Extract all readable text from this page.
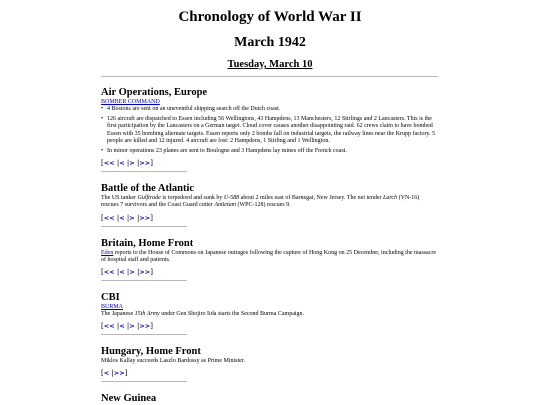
Chronology of World War II
March 1942
Tuesday, March 10
Air Operations, Europe
BOMBER COMMAND
• 4 Bostons are sent on an uneventful shipping search off the Dutch coast.
• 126 aircraft are dispatched to Essen including 56 Wellingtons, 43 Hampdens, 13 Manchesters, 12 Stirlings and 2 Lancasters. This is the first participation by the Lancasters on a German target. Cloud cover causes another disappointing raid. 62 crews claim to have bombed Essen with 35 bombing alternate targets. Essen reports only 2 bombs fall on industrial targets, the railway lines near the Krupp factory. 5 people are killed and 12 injured. 4 aircraft are lost: 2 Hampdens, 1 Stirling and 1 Wellington.
• In minor operations 23 planes are sent to Boulogne and 3 Hampdens lay mines off the French coast.
[<< |< |> |>>]
Battle of the Atlantic

The US tanker Gulftrade is torpedoed and sunk by U-588 about 2 miles east of Barnegat, New Jersey. The net tender Larch (YN-16) rescues 7 survivors and the Coast Guard cutter Antietam (WPC-128) rescues 9.

[<< |< |> |>>]
Britain, Home Front

Eden reports to the House of Commons on Japanese outrages following the capture of Hong Kong on 25 December, including the massacre of hospital staff and patients.

[<< |< |> |>>]
CBI
BURMA

The Japanese 15th Army under Gen Shojiro Iida starts the Second Burma Campaign.

[<< |< |> |>>]
Hungary, Home Front

Miklos Kallay succeeds Laszlo Bardossy as Prime Minister.

[< |>>]
New Guinea
